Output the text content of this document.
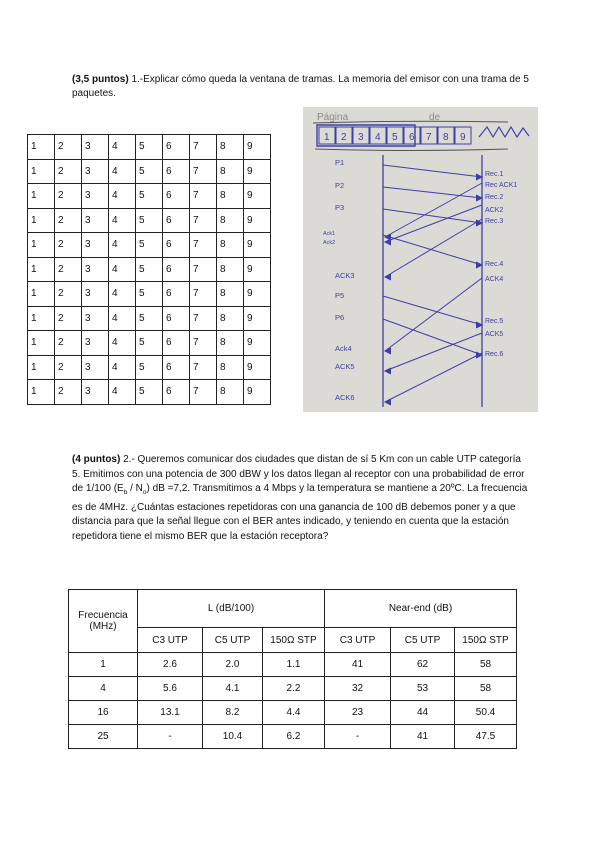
(3,5 puntos) 1.-Explicar cómo queda la ventana de tramas. La memoria del emisor con una trama de 5 paquetes.
1	2	3	4	5	6	7	8	9
1	2	3	4	5	6	7	8	9
1	2	3	4	5	6	7	8	9
1	2	3	4	5	6	7	8	9
1	2	3	4	5	6	7	8	9
1	2	3	4	5	6	7	8	9
1	2	3	4	5	6	7	8	9
1	2	3	4	5	6	7	8	9
1	2	3	4	5	6	7	8	9
1	2	3	4	5	6	7	8	9
1	2	3	4	5	6	7	8	9
Página	de
1 2 3 4 5 6 7 8 9
P1
P2
P3
Ack1
Ack2
ACK3
P5
P6
Ack4
ACK5
ACK6
Rec.1
Rec ACK1
Rec.2
ACK2
Rec.3
Rec.4
ACK4
Rec.5
ACK5
Rec.6
(4 puntos) 2.- Queremos comunicar dos ciudades que distan de sí 5 Km con un cable UTP categoría 5. Emitimos con una potencia de 300 dBW y los datos llegan al receptor con una probabilidad de error de 1/100 $(E_b / N_o)$ dB =7,2. Transmitimos a 4 Mbps y la temperatura se mantiene a 20ºC. La frecuencia es de 4MHz. ¿Cuántas estaciones repetidoras con una ganancia de 100 dB debemos poner y a que distancia para que la señal llegue con el BER antes indicado, y teniendo en cuenta que la estación repetidora tiene el mismo BER que la estación receptora?
Frecuencia (MHz)	L (dB/100)			Near-end (dB)		
	C3 UTP	C5 UTP	150Ω STP	C3 UTP	C5 UTP	150Ω STP
1	2.6	2.0	1.1	41	62	58
4	5.6	4.1	2.2	32	53	58
16	13.1	8.2	4.4	23	44	50.4
25	-	10.4	6.2	-	41	47.5
